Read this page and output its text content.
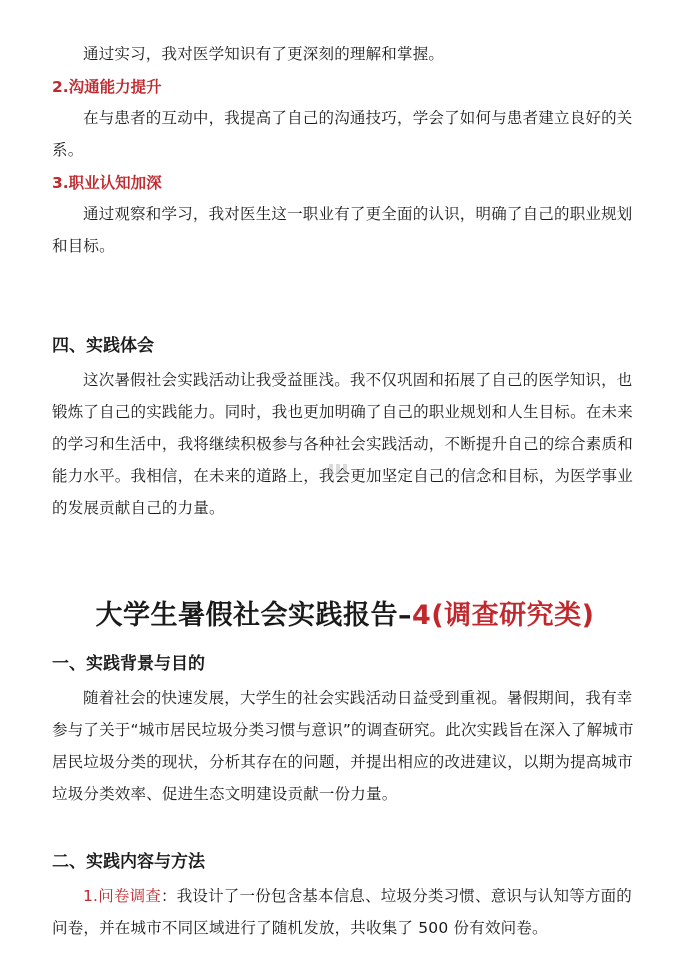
通过实习，我对医学知识有了更深刻的理解和掌握。

2.沟通能力提升

在与患者的互动中，我提高了自己的沟通技巧，学会了如何与患者建立良好的关系。

3.职业认知加深

通过观察和学习，我对医生这一职业有了更全面的认识，明确了自己的职业规划和目标。

四、实践体会

这次暑假社会实践活动让我受益匪浅。我不仅巩固和拓展了自己的医学知识，也锻炼了自己的实践能力。同时，我也更加明确了自己的职业规划和人生目标。在未来的学习和生活中，我将继续积极参与各种社会实践活动，不断提升自己的综合素质和能力水平。我相信，在未来的道路上，我会更加坚定自己的信念和目标，为医学事业的发展贡献自己的力量。

大学生暑假社会实践报告–4(调查研究类)
一、实践背景与目的

随着社会的快速发展，大学生的社会实践活动日益受到重视。暑假期间，我有幸参与了关于“城市居民垃圾分类习惯与意识”的调查研究。此次实践旨在深入了解城市居民垃圾分类的现状，分析其存在的问题，并提出相应的改进建议，以期为提高城市垃圾分类效率、促进生态文明建设贡献一份力量。

二、实践内容与方法

1.问卷调查：我设计了一份包含基本信息、垃圾分类习惯、意识与认知等方面的问卷，并在城市不同区域进行了随机发放，共收集了 500 份有效问卷。
